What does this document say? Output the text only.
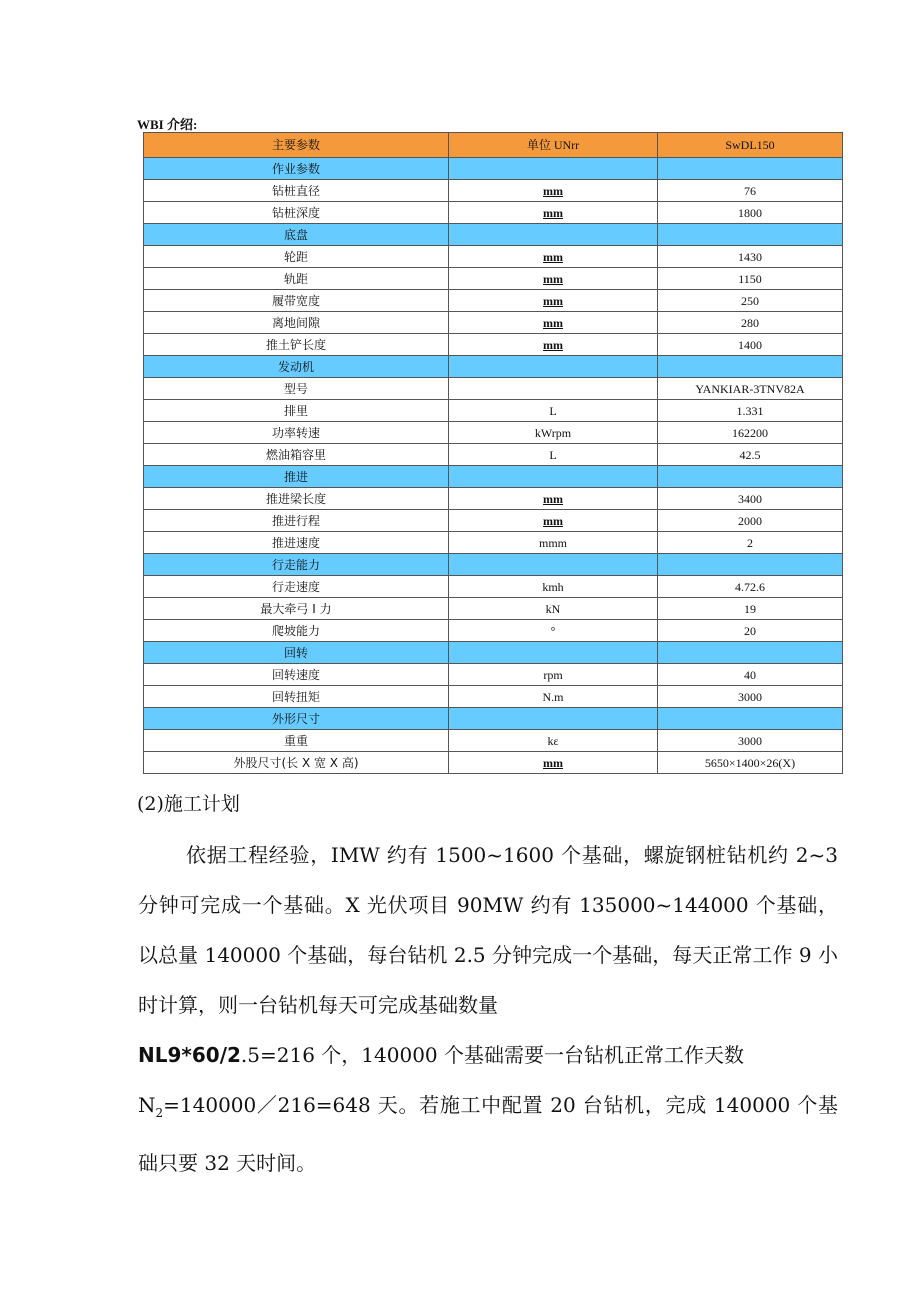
WBI 介绍:
主要参数	单位 UNrr	SwDL150
作业参数		
钻桩直径	mm	76
钻桩深度	mm	1800
底盘		
轮距	mm	1430
轨距	mm	1150
履带宽度	mm	250
离地间隙	mm	280
推土铲长度	mm	1400
发动机		
型号		YANKIAR-3TNV82A
排里	L	1.331
功率转速	kWrpm	162200
燃油箱容里	L	42.5
推进		
推进梁长度	mm	3400
推进行程	mm	2000
推进速度	mmm	2
行走能力		
行走速度	kmh	4.72.6
最大牵弓 I 力	kN	19
爬坡能力	°	20
回转		
回转速度	rpm	40
回转扭矩	N.m	3000
外形尺寸		
重重	kε	3000
外股尺寸(长 X 宽 X 高)	mm	5650×1400×26(X)
(2)施工计划

依据工程经验，IMW 约有 1500~1600 个基础，螺旋钢桩钻机约 2~3 分钟可完成一个基础。X 光伏项目 90MW 约有 135000~144000 个基础，以总量 140000 个基础，每台钻机 2.5 分钟完成一个基础，每天正常工作 9 小时计算，则一台钻机每天可完成基础数量

NL9*60/2.5=216 个，140000 个基础需要一台钻机正常工作天数

$N_2=140000/216=648$ 天。若施工中配置 20 台钻机，完成 140000 个基础只要 32 天时间。
